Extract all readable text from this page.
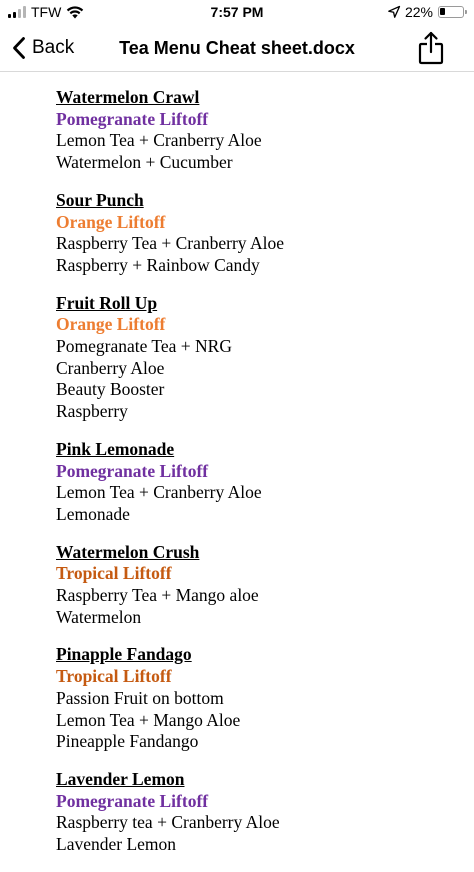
TFW	7:57 PM	22%
Back	Tea Menu Cheat sheet.docx
Watermelon Crawl
Pomegranate Liftoff
Lemon Tea + Cranberry Aloe
Watermelon + Cucumber
Sour Punch
Orange Liftoff
Raspberry Tea + Cranberry Aloe
Raspberry + Rainbow Candy
Fruit Roll Up
Orange Liftoff
Pomegranate Tea + NRG
Cranberry Aloe
Beauty Booster
Raspberry
Pink Lemonade
Pomegranate Liftoff
Lemon Tea + Cranberry Aloe
Lemonade
Watermelon Crush
Tropical Liftoff
Raspberry Tea + Mango aloe
Watermelon
Pinapple Fandago
Tropical Liftoff
Passion Fruit on bottom
Lemon Tea + Mango Aloe
Pineapple Fandango
Lavender Lemon
Pomegranate Liftoff
Raspberry tea + Cranberry Aloe
Lavender Lemon
